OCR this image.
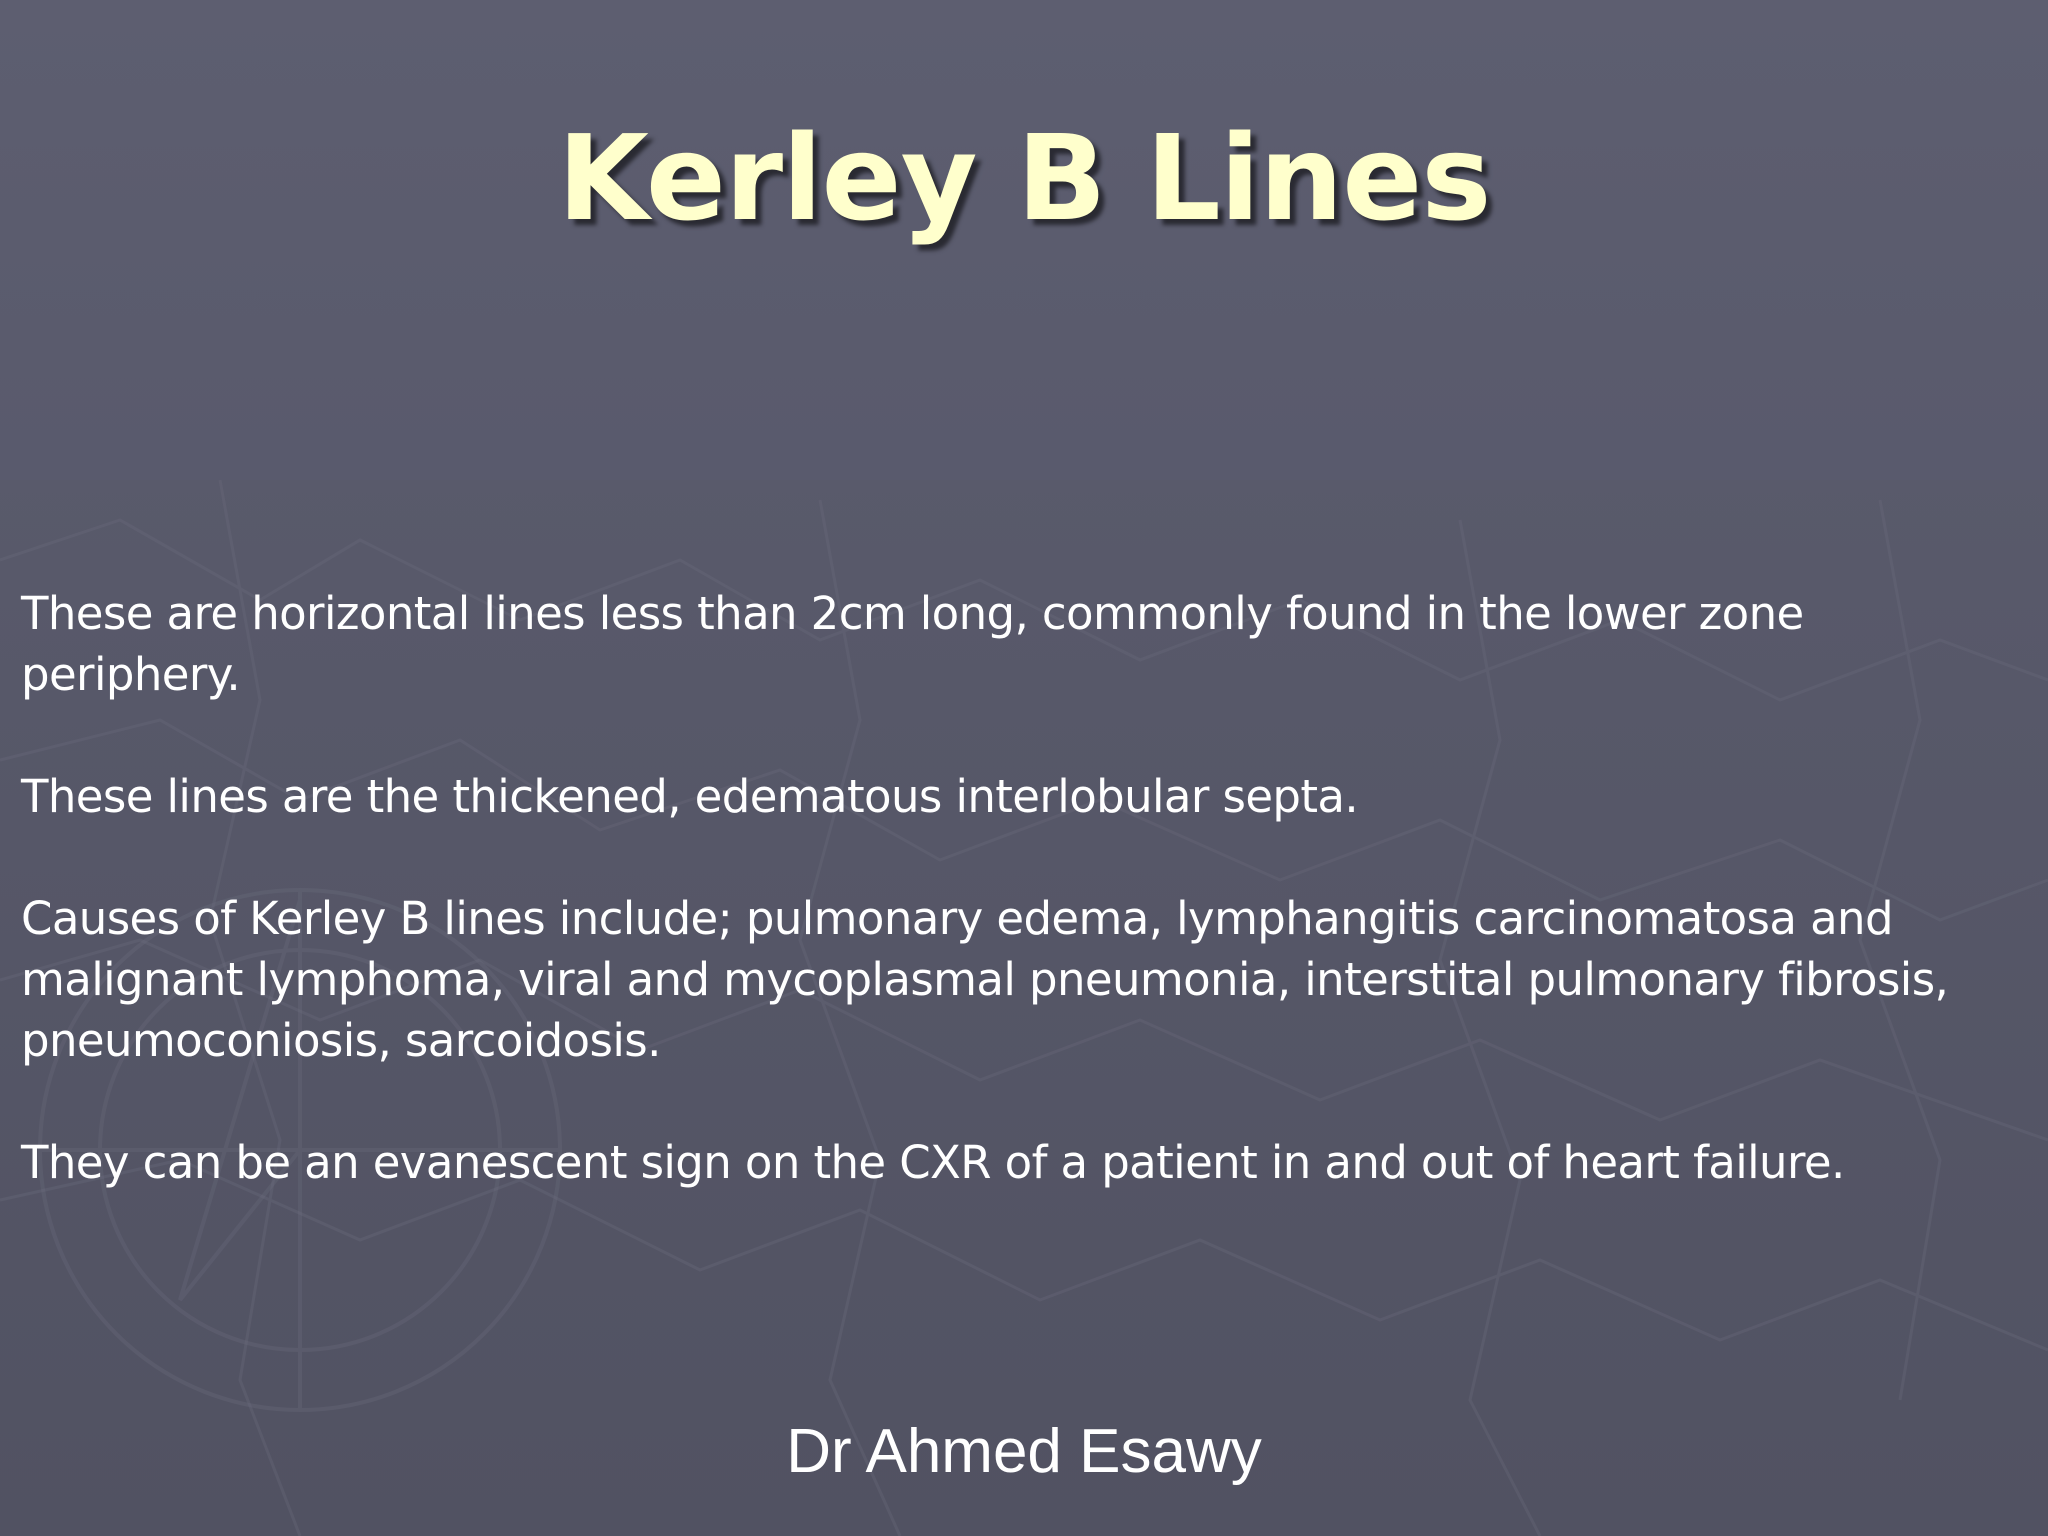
Kerley B Lines

These are horizontal lines less than 2cm long, commonly found in the lower zone periphery.

These lines are the thickened, edematous interlobular septa.

Causes of Kerley B lines include; pulmonary edema, lymphangitis carcinomatosa and malignant lymphoma, viral and mycoplasmal pneumonia, interstital pulmonary fibrosis, pneumoconiosis, sarcoidosis.

They can be an evanescent sign on the CXR of a patient in and out of heart failure.

Dr Ahmed Esawy
